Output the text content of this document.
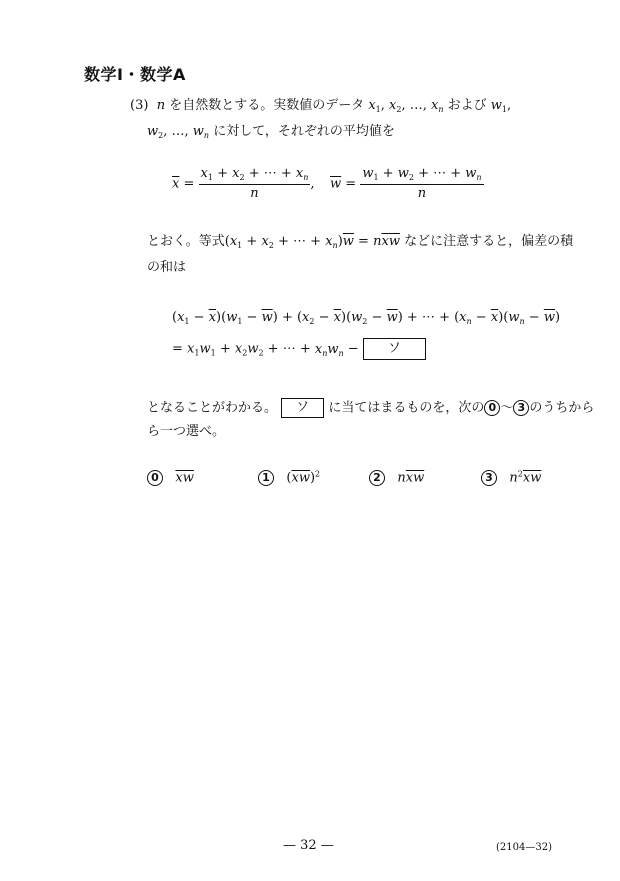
数学Ⅰ・数学A
(3) n を自然数とする。実数値のデータ $x_1$, $x_2$, …, $x_n$ および $w_1$,
$w_2$, …, $w_n$ に対して，それぞれの平均値を
$\overline{x} = \frac{x_1 + x_2 + \cdots + x_n}{n}$ , $\overline{w} = \frac{w_1 + w_2 + \cdots + w_n}{n}$
とおく。等式($x_1 + x_2$ + ⋯ + $x_n)\overline{w} = n\overline{x}\overline{w}$ などに注意すると，偏差の積
の和は
$(x_1 - \overline{x})(w_1 - \overline{w}) + (x_2 - \overline{x})(w_2 - \overline{w})$ + ⋯ + $(x_n - \overline{x})(w_n - \overline{w})$
= $x_1w_1 + x_2w_2$ + ⋯ + $x_nw_n$ − ソ
となることがわかる。 ソ に当てはまるものを，次の 0 ～ 3 のうちから
ら一つ選べ。
0 $\overline{x}\overline{w}$	1   $(\overline{x}\overline{w})^2$	2 $n\overline{x}\overline{w}$	3 $n^2\overline{x}\overline{w}$
— 32 —	(2104—32)
